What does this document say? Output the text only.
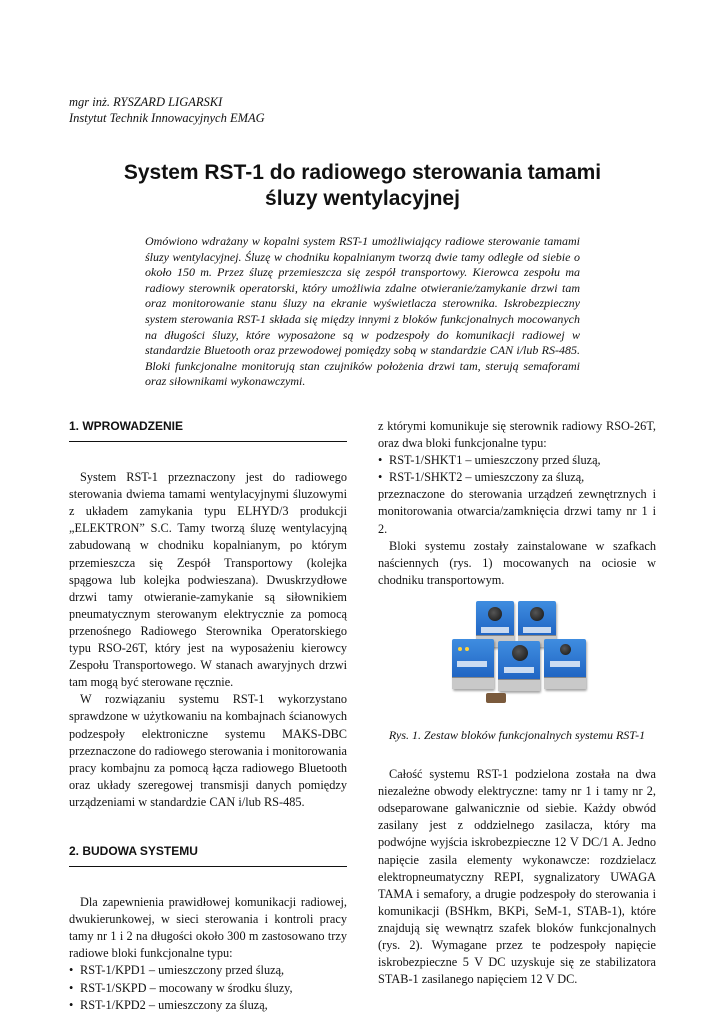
mgr inż. RYSZARD LIGARSKI
Instytut Technik Innowacyjnych EMAG
System RST-1 do radiowego sterowania tamami
śluzy wentylacyjnej
Omówiono wdrażany w kopalni system RST-1 umożliwiający radiowe sterowanie tamami śluzy wentylacyjnej. Śluzę w chodniku kopalnianym tworzą dwie tamy odległe od siebie o około 150 m. Przez śluzę przemieszcza się zespół transportowy. Kierowca zespołu ma radiowy sterownik operatorski, który umożliwia zdalne otwieranie/zamykanie drzwi tam oraz monitorowanie stanu śluzy na ekranie wyświetlacza sterownika. Iskrobezpieczny system sterowania RST-1 składa się między innymi z bloków funkcjonalnych mocowanych na długości śluzy, które wyposażone są w podzespoły do komunikacji radiowej w standardzie Bluetooth oraz przewodowej pomiędzy sobą w standardzie CAN i/lub RS-485. Bloki funkcjonalne monitorują stan czujników położenia drzwi tam, sterują semaforami oraz siłownikami wykonawczymi.
1. WPROWADZENIE

System RST-1 przeznaczony jest do radiowego sterowania dwiema tamami wentylacyjnymi śluzowymi z układem zamykania typu ELHYD/3 produkcji „ELEKTRON” S.C. Tamy tworzą śluzę wentylacyjną zabudowaną w chodniku kopalnianym, po którym przemieszcza się Zespół Transportowy (kolejka spągowa lub kolejka podwieszana). Dwuskrzydłowe drzwi tamy otwieranie-zamykanie są siłownikiem pneumatycznym sterowanym elektrycznie za pomocą przenośnego Radiowego Sterownika Operatorskiego typu RSO-26T, który jest na wyposażeniu kierowcy Zespołu Transportowego. W stanach awaryjnych drzwi tam mogą być sterowane ręcznie.

W rozwiązaniu systemu RST-1 wykorzystano sprawdzone w użytkowaniu na kombajnach ścianowych podzespoły elektroniczne systemu MAKS-DBC przeznaczone do radiowego sterowania i monitorowania pracy kombajnu za pomocą łącza radiowego Bluetooth oraz układy szeregowej transmisji danych pomiędzy urządzeniami w standardzie CAN i/lub RS-485.

2. BUDOWA SYSTEMU

Dla zapewnienia prawidłowej komunikacji radiowej, dwukierunkowej, w sieci sterowania i kontroli pracy tamy nr 1 i 2 na długości około 300 m zastosowano trzy radiowe bloki funkcjonalne typu:

• RST-1/KPD1 – umieszczony przed śluzą,
• RST-1/SKPD – mocowany w środku śluzy,
• RST-1/KPD2 – umieszczony za śluzą,

z którymi komunikuje się sterownik radiowy RSO-26T, oraz dwa bloki funkcjonalne typu:

• RST-1/SHKT1 – umieszczony przed śluzą,
• RST-1/SHKT2 – umieszczony za śluzą,

przeznaczone do sterowania urządzeń zewnętrznych i monitorowania otwarcia/zamknięcia drzwi tamy nr 1 i 2.

Bloki systemu zostały zainstalowane w szafkach naściennych (rys. 1) mocowanych na ociosie w chodniku transportowym.

Rys. 1. Zestaw bloków funkcjonalnych systemu RST-1

Całość systemu RST-1 podzielona została na dwa niezależne obwody elektryczne: tamy nr 1 i tamy nr 2, odseparowane galwanicznie od siebie. Każdy obwód zasilany jest z oddzielnego zasilacza, który ma podwójne wyjścia iskrobezpieczne 12 V DC/1 A. Jedno napięcie zasila elementy wykonawcze: rozdzielacz elektropneumatyczny REPI, sygnalizatory UWAGA TAMA i semafory, a drugie podzespoły do sterowania i komunikacji (BSHkm, BKPi, SeM-1, STAB-1), które znajdują się wewnątrz szafek bloków funkcjonalnych (rys. 2). Wymagane przez te podzespoły napięcie iskrobezpieczne 5 V DC uzyskuje się ze stabilizatora STAB-1 zasilanego napięciem 12 V DC.
